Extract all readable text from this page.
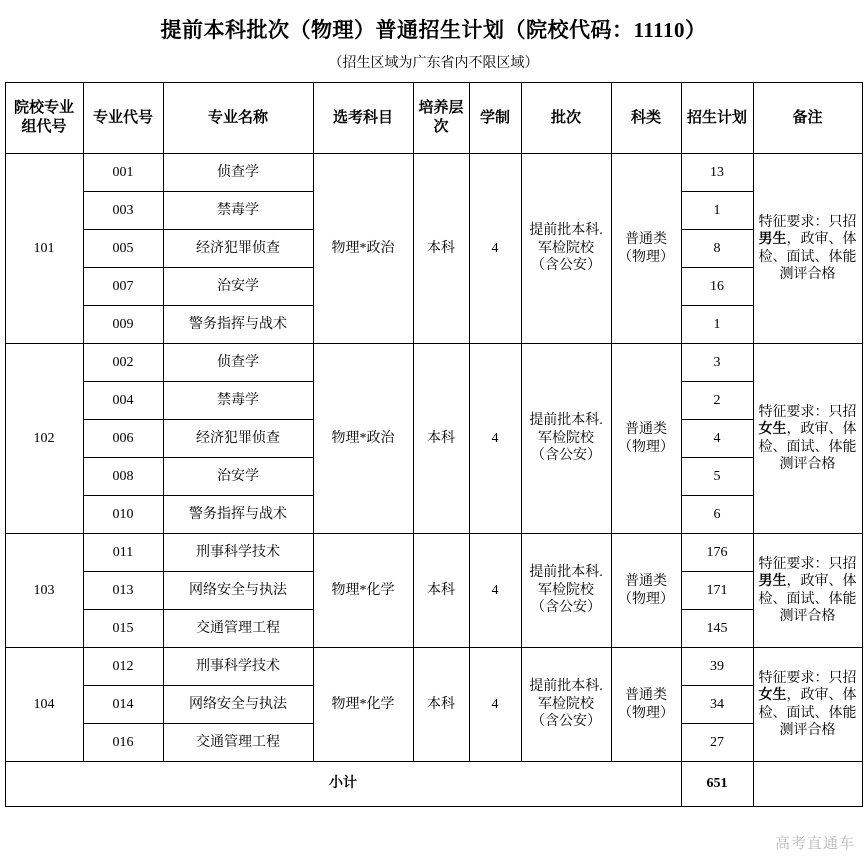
提前本科批次（物理）普通招生计划（院校代码：11110）
（招生区域为广东省内不限区域）
院校专业组代号	专业代号	专业名称	选考科目	培养层次	学制	批次	科类	招生计划	备注
101	001	侦查学	物理*政治	本科	4	提前批本科.军检院校（含公安）	普通类（物理）	13	特征要求：只招男生，政审、体检、面试、体能测评合格
	003	禁毒学						1	
	005	经济犯罪侦查						8	
	007	治安学						16	
	009	警务指挥与战术						1	
102	002	侦查学	物理*政治	本科	4	提前批本科.军检院校（含公安）	普通类（物理）	3	特征要求：只招女生，政审、体检、面试、体能测评合格
	004	禁毒学						2	
	006	经济犯罪侦查						4	
	008	治安学						5	
	010	警务指挥与战术						6	
103	011	刑事科学技术	物理*化学	本科	4	提前批本科.军检院校（含公安）	普通类（物理）	176	特征要求：只招男生，政审、体检、面试、体能测评合格
	013	网络安全与执法						171	
	015	交通管理工程						145	
104	012	刑事科学技术	物理*化学	本科	4	提前批本科.军检院校（含公安）	普通类（物理）	39	特征要求：只招女生，政审、体检、面试、体能测评合格
	014	网络安全与执法						34	
	016	交通管理工程						27	
小计								651	
高考直通车
